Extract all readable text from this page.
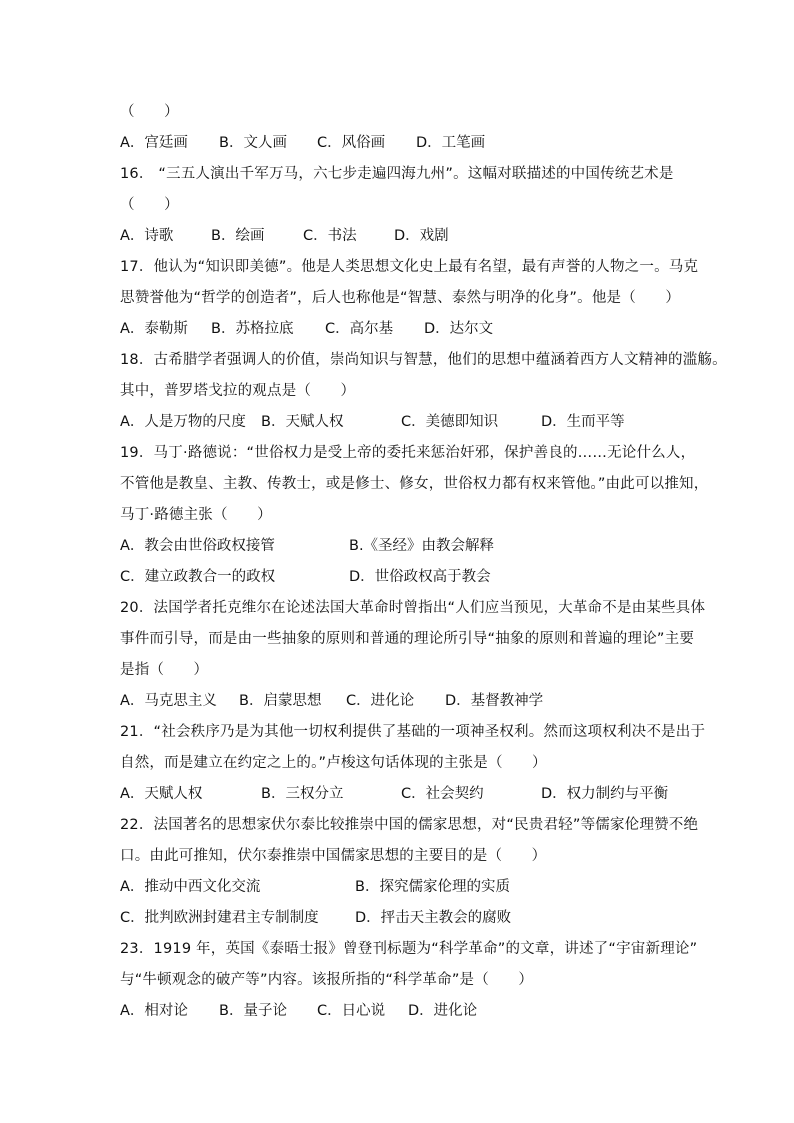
（　　）
A．宫廷画 B．文人画 C．风俗画 D．工笔画
16． “三五人演出千军万马，六七步走遍四海九州”。这幅对联描述的中国传统艺术是
（　　）
A．诗歌	B．绘画	C．书法	D．戏剧
17．他认为“知识即美德”。他是人类思想文化史上最有名望，最有声誉的人物之一。马克
思赞誉他为“哲学的创造者”，后人也称他是“智慧、泰然与明净的化身”。他是（　　）
A．泰勒斯 B．苏格拉底 C．高尔基 D．达尔文
18．古希腊学者强调人的价值，崇尚知识与智慧，他们的思想中蕴涵着西方人文精神的滥觞。
其中，普罗塔戈拉的观点是（　　）
A．人是万物的尺度 B．天赋人权	C．美德即知识	D．生而平等
19．马丁·路德说：“世俗权力是受上帝的委托来惩治奸邪，保护善良的……无论什么人，
不管他是教皇、主教、传教士，或是修士、修女，世俗权力都有权来管他。”由此可以推知，
马丁·路德主张（　　）
A．教会由世俗政权接管	B.《圣经》由教会解释
C．建立政教合一的政权	D．世俗政权高于教会
20．法国学者托克维尔在论述法国大革命时曾指出“人们应当预见，大革命不是由某些具体
事件而引导，而是由一些抽象的原则和普通的理论所引导“抽象的原则和普遍的理论”主要
是指（　　）
A．马克思主义 B．启蒙思想 C．进化论 D．基督教神学
21．“社会秩序乃是为其他一切权利提供了基础的一项神圣权利。然而这项权利决不是出于
自然，而是建立在约定之上的。”卢梭这句话体现的主张是（　　）
A．天赋人权	B．三权分立	C．社会契约	D．权力制约与平衡
22．法国著名的思想家伏尔泰比较推崇中国的儒家思想，对“民贵君轻”等儒家伦理赞不绝
口。由此可推知，伏尔泰推崇中国儒家思想的主要目的是（　　）
A．推动中西文化交流	B．探究儒家伦理的实质
C．批判欧洲封建君主专制制度	D．抨击天主教会的腐败
23．1919 年，英国《泰晤士报》曾登刊标题为“科学革命”的文章，讲述了“宇宙新理论”
与“牛顿观念的破产等”内容。该报所指的“科学革命”是（　　）
A．相对论 B．量子论 C．日心说 D．进化论
